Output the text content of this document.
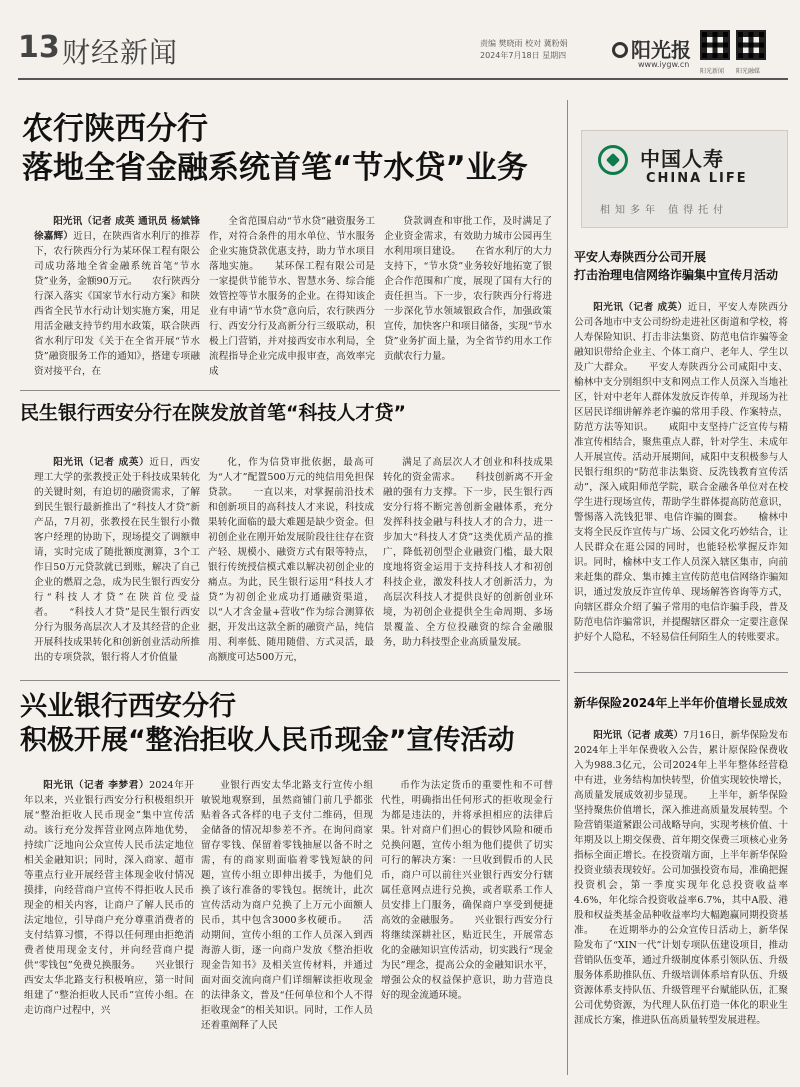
13 财经新闻	责编 樊晓雨 校对 冀粉娟
2024年7月18日 星期四	阳光报
www.iygw.cn
阳光新闻 阳光融媒
农行陕西分行
落地全省金融系统首笔“节水贷”业务

阳光讯（记者 成英 通讯员 杨斌锋 徐嘉辉）近日，在陕西省水利厅的推荐下，农行陕西分行为某环保工程有限公司成功落地全省金融系统首笔“节水贷”业务，金额90万元。　　农行陕西分行深入落实《国家节水行动方案》和陕西省全民节水行动计划实施方案，用足用活金融支持节约用水政策，联合陕西省水利厅印发《关于在全省开展“节水贷”融资服务工作的通知》，搭建专项融资对接平台，在

全省范围启动“节水贷”融资服务工作，对符合条件的用水单位、节水服务企业实施贷款优惠支持，助力节水项目落地实施。　　某环保工程有限公司是一家提供节能节水、智慧水务、综合能效管控等节水服务的企业。在得知该企业有申请“节水贷”意向后，农行陕西分行、西安分行及高新分行三级联动，积极上门营销，并对接西安市水利局，全流程指导企业完成申报审查，高效率完成

贷款调查和审批工作，及时满足了企业资金需求，有效助力城市公园再生水利用项目建设。　　在省水利厅的大力支持下，“节水贷”业务较好地拓宽了银企合作范围和广度，展现了国有大行的责任担当。下一步，农行陕西分行将进一步深化节水领域银政合作，加强政策宣传，加快客户和项目储备，实现“节水贷”业务扩面上量，为全省节约用水工作贡献农行力量。

中国人寿
CHINA LIFE
相知多年 值得托付
民生银行西安分行在陕发放首笔“科技人才贷”

阳光讯（记者 成英）近日，西安理工大学的张教授正处于科技成果转化的关键时刻，有迫切的融资需求，了解到民生银行最新推出了“科技人才贷”新产品，7月初，张教授在民生银行小微客户经理的协助下，现场提交了调额申请，实时完成了随批额度测算，3个工作日50万元贷款就已到账，解决了自己企业的燃眉之急，成为民生银行西安分行“科技人才贷”在陕首位受益者。　　“科技人才贷”是民生银行西安分行为服务高层次人才及其经营的企业开展科技成果转化和创新创业活动所推出的专项贷款，银行将人才价值量

化，作为信贷审批依据，最高可为“人才”配置500万元的纯信用免担保贷款。　　一直以来，对掌握前沿技术和创新项目的高科技人才来说，科技成果转化面临的最大难题是缺少资金。但初创企业在刚开始发展阶段往往存在资产轻、规模小、融资方式有限等特点，银行传统授信模式难以解决初创企业的痛点。为此，民生银行运用“科技人才贷”为初创企业成功打通融资渠道，以“人才含金量+营收”作为综合测算依据，开发出这款全新的融资产品，纯信用、利率低、随用随借、方式灵活，最高额度可达500万元，

满足了高层次人才创业和科技成果转化的资金需求。　　科技创新离不开金融的强有力支撑。下一步，民生银行西安分行将不断完善创新金融体系，充分发挥科技金融与科技人才的合力，进一步加大“科技人才贷”这类优质产品的推广，降低初创型企业融资门槛，最大限度地将资金运用于支持科技人才和初创科技企业，激发科技人才创新活力，为高层次科技人才提供良好的创新创业环境，为初创企业提供全生命周期、多场景覆盖、全方位投融资的综合金融服务，助力科技型企业高质量发展。

兴业银行西安分行
积极开展“整治拒收人民币现金”宣传活动

阳光讯（记者 李梦君）2024年开年以来，兴业银行西安分行积极组织开展“整治拒收人民币现金”集中宣传活动。该行充分发挥营业网点阵地优势，持续广泛地向公众宣传人民币法定地位相关金融知识；同时，深入商家、超市等重点行业开展经营主体现金收付情况摸排，向经营商户宣传不得拒收人民币现金的相关内容，让商户了解人民币的法定地位，引导商户充分尊重消费者的支付结算习惯，不得以任何理由拒绝消费者使用现金支付，并向经营商户提供“零钱包”免费兑换服务。　　兴业银行西安太华北路支行积极响应，第一时间组建了“整治拒收人民币”宣传小组。在走访商户过程中，兴

业银行西安太华北路支行宣传小组敏锐地观察到，虽然商铺门前几乎都张贴着各式各样的电子支付二维码，但现金储备的情况却参差不齐。在询问商家留存零钱、保留着零钱抽屉以备不时之需，有的商家则面临着零钱短缺的问题，宣传小组立即伸出援手，为他们兑换了该行准备的零钱包。据统计，此次宣传活动为商户兑换了上万元小面额人民币，其中包含3000多枚硬币。　　活动期间，宣传小组的工作人员深入到西海游人街，逐一向商户发放《整治拒收现金告知书》及相关宣传材料，并通过面对面交流向商户们详细解读拒收现金的法律条文，普及“任何单位和个人不得拒收现金”的相关知识。同时，工作人员还着重阐释了人民

币作为法定货币的重要性和不可替代性，明确指出任何形式的拒收现金行为都是违法的，并将承担相应的法律后果。针对商户们担心的假钞风险和硬币兑换问题，宣传小组为他们提供了切实可行的解决方案：一旦收到假币的人民币，商户可以前往兴业银行西安分行辖属任意网点进行兑换，或者联系工作人员安排上门服务，确保商户享受到便捷高效的金融服务。　　兴业银行西安分行将继续深耕社区，贴近民生，开展常态化的金融知识宣传活动，切实践行“现金为民”理念，提高公众的金融知识水平，增强公众的权益保护意识，助力营造良好的现金流通环境。

平安人寿陕西分公司开展
打击治理电信网络诈骗集中宣传月活动

阳光讯（记者 成英）近日，平安人寿陕西分公司各地市中支公司纷纷走进社区街道和学校，将人寿保险知识、打击非法集资、防范电信诈骗等金融知识带给企业主、个体工商户、老年人、学生以及广大群众。　　平安人寿陕西分公司咸阳中支、榆林中支分别组织中支和网点工作人员深入当地社区，针对中老年人群体发放反诈传单，并现场为社区居民详细讲解养老诈骗的常用手段、作案特点，防范方法等知识。　　咸阳中支坚持广泛宣传与精准宣传相结合，聚焦重点人群，针对学生、未成年人开展宣传。活动开展期间，咸阳中支积极参与人民银行组织的“防范非法集资、反洗钱教育宣传活动”，深入咸阳师范学院，联合金融各单位对在校学生进行现场宣传，帮助学生群体提高防范意识，警惕落入洗钱犯罪、电信诈骗的圈套。　　榆林中支将全民反诈宣传与广场、公园文化巧妙结合，让人民群众在逛公园的同时，也能轻松掌握反诈知识。同时，榆林中支工作人员深入辖区集市，向前来赶集的群众、集市摊主宣传防范电信网络诈骗知识，通过发放反诈宣传单、现场解答咨询等方式，向辖区群众介绍了骗子常用的电信诈骗手段，普及防范电信诈骗常识，并提醒辖区群众一定要注意保护好个人隐私，不轻易信任何陌生人的转账要求。

新华保险2024年上半年价值增长显成效

阳光讯（记者 成英）7月16日，新华保险发布2024年上半年保费收入公告，累计原保险保费收入为988.3亿元，公司2024年上半年整体经营稳中有进，业务结构加快转型，价值实现较快增长，高质量发展成效初步显现。　　上半年，新华保险坚持聚焦价值增长，深入推进高质量发展转型。个险营销渠道紧跟公司战略导向，实现考核价值、十年期及以上期交保费、首年期交保费三项核心业务指标全面正增长。在投资端方面，上半年新华保险投资业绩表现较好。公司加强投资布局，准确把握投资机会，第一季度实现年化总投资收益率4.6%，年化综合投资收益率6.7%，其中A股、港股和权益类基金品种收益率均大幅跑赢同期投资基准。　　在近期举办的公众宣传日活动上，新华保险发布了“XIN一代”计划专项队伍建设项目，推动营销队伍变革，通过升级制度体系引领队伍、升级服务体系助推队伍、升级培训体系培育队伍、升级资源体系支持队伍、升级管理平台赋能队伍，汇聚公司优势资源，为代理人队伍打造一体化的职业生涯成长方案，推进队伍高质量转型发展进程。
